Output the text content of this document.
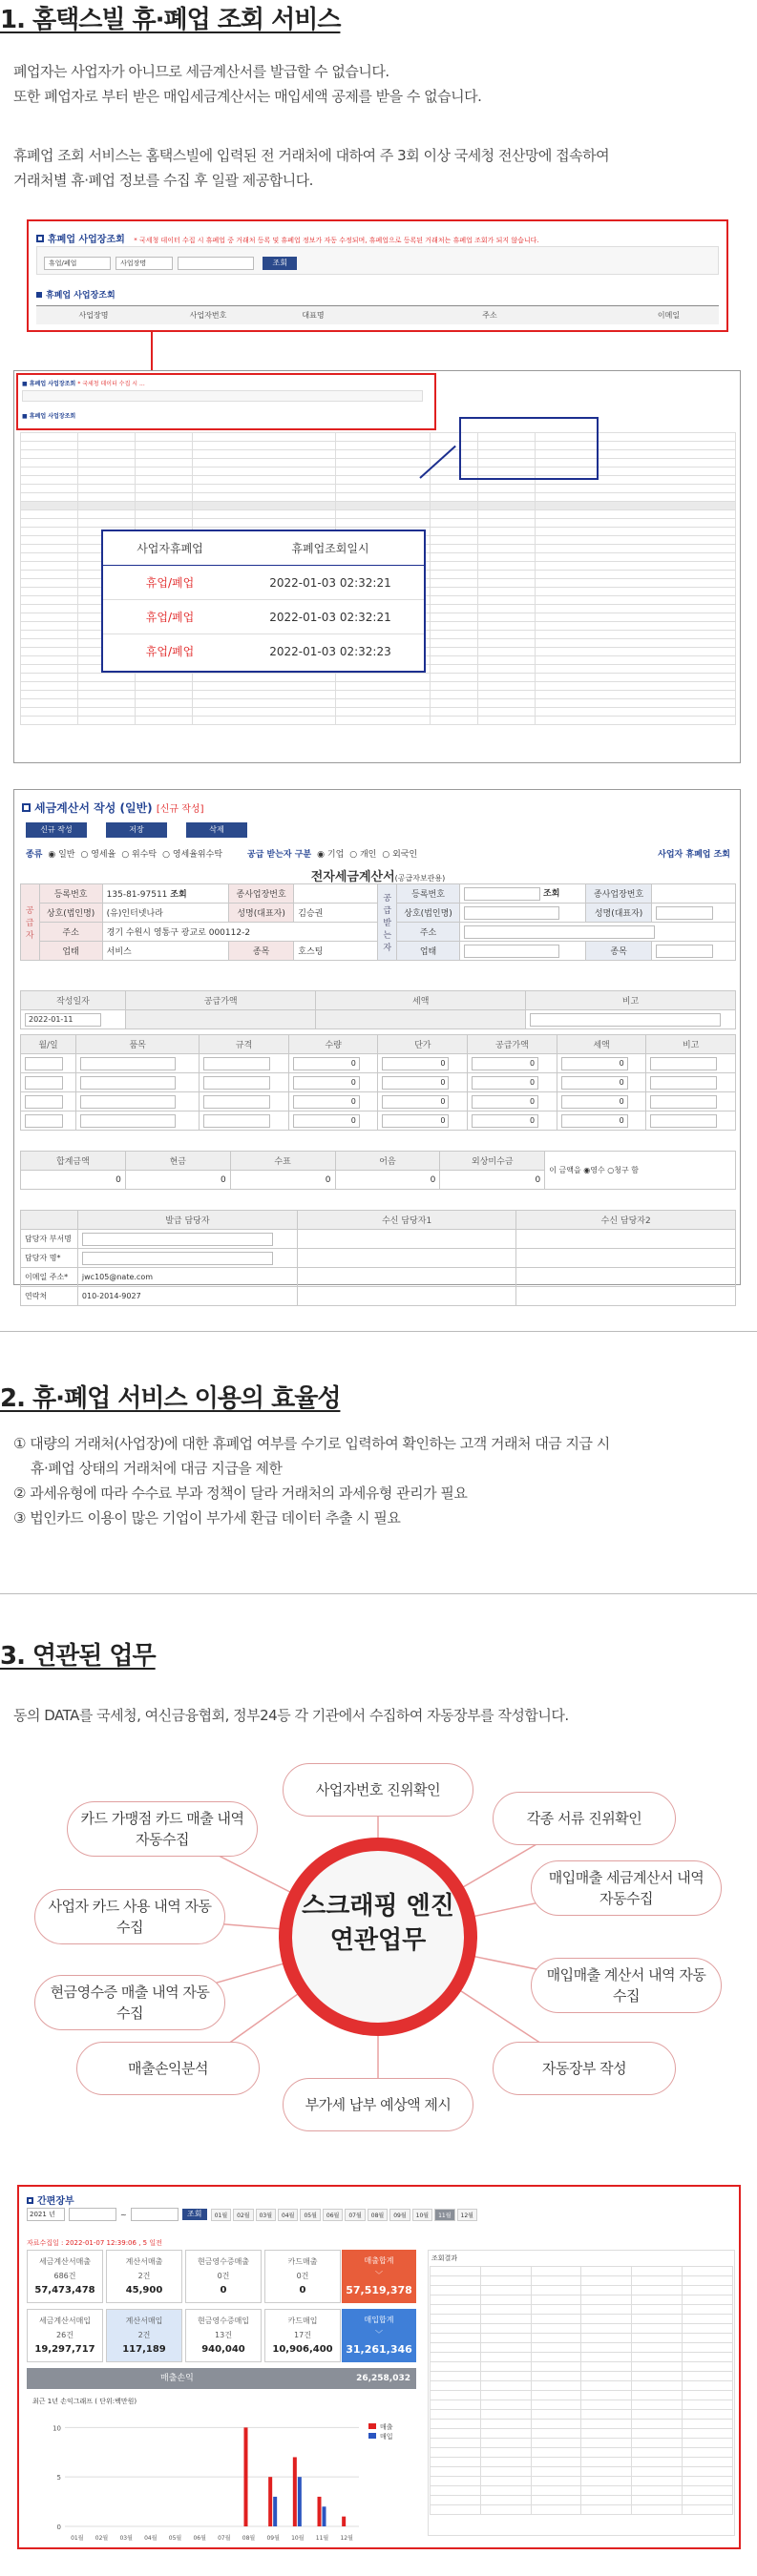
1. 홈택스빌 휴·폐업 조회 서비스
폐업자는 사업자가 아니므로 세금계산서를 발급할 수 없습니다.
또한 폐업자로 부터 받은 매입세금계산서는 매입세액 공제를 받을 수 없습니다.
휴폐업 조회 서비스는 홈택스빌에 입력된 전 거래처에 대하여 주 3회 이상 국세청 전산망에 접속하여
거래처별 휴·폐업 정보를 수집 후 일괄 제공합니다.
휴폐업 사업장조회 * 국세청 데이터 수집 시 휴폐업 중 거래처 등록 및 휴폐업 정보가 자동 수정되며, 휴폐업으로 등록된 거래처는 휴폐업 조회가 되지 않습니다.
휴업/폐업	사업장명	조회
휴폐업 사업장조회
사업장명	사업자번호	대표명	주소	이메일
■ 휴폐업 사업장조회 * 국세청 데이터 수집 시 ...
■ 휴폐업 사업장조회

사업자휴폐업	휴폐업조회일시
휴업/폐업	2022-01-03 02:32:21
휴업/폐업	2022-01-03 02:32:21
휴업/폐업	2022-01-03 02:32:23
세금계산서 작성 (일반) [신규 작성]
신규 작성	저장	삭제
종류 ◉ 일반 ○ 영세율 ○ 위수탁 ○ 영세율위수탁	공급 받는자 구분 ◉ 기업 ○ 개인 ○ 외국인	사업자 휴폐업 조회
전자세금계산서(공급자보관용)
공급자	등록번호	135-81-97511 조회	종사업장번호		공급받는자	등록번호	조회	종사업장번호	
	상호(법인명)	(유)인터넷나라	성명(대표자)	김승권		상호(법인명)		성명(대표자)	
	주소	경기 수원시 영통구 광교로 000112-2				주소			
	업태	서비스	종목	호스팅		업태		종목	
작성일자	공급가액	세액	비고
2022-01-11			
월/일	품목	규격	수량	단가	공급가액	세액	비고
			0	0	0	0	
			0	0	0	0	
			0	0	0	0	
			0	0	0	0	
합계금액	현금	수표	어음	외상미수금	이 금액을 ◉영수 ○청구 함
0	0	0	0	0	
	발급 담당자	수신 담당자1	수신 담당자2
담당자 부서명			
담당자 명*			
이메일 주소*	jwc105@nate.com		
연락처	010-2014-9027		
2. 휴·폐업 서비스 이용의 효율성
① 대량의 거래처(사업장)에 대한 휴폐업 여부를 수기로 입력하여 확인하는 고객 거래처 대금 지급 시
휴·폐업 상태의 거래처에 대금 지급을 제한
② 과세유형에 따라 수수료 부과 정책이 달라 거래처의 과세유형 관리가 필요
③ 법인카드 이용이 많은 기업이 부가세 환급 데이터 추출 시 필요
3. 연관된 업무
동의 DATA를 국세청, 여신금융협회, 정부24등 각 기관에서 수집하여 자동장부를 작성합니다.
스크래핑 엔진
연관업무
사업자번호 진위확인
각종 서류 진위확인
매입매출 세금계산서 내역 자동수집
매입매출 계산서 내역 자동수집
자동장부 작성
부가세 납부 예상액 제시
매출손익분석
현금영수증 매출 내역 자동수집
사업자 카드 사용 내역 자동수집
카드 가맹점 카드 매출 내역 자동수집
간편장부
2021 년	~	조회	01월	02월	03월	04월	05월	06월	07월	08월	09월	10월	11월	12월
자료수집일 : 2022-01-07 12:39:06 , 5 일전
세금계산서매출
686건
57,473,478
계산서매출
2건
45,900
현금영수증매출
0건
0
카드매출
0건
0
매출합계
﹀
57,519,378
세금계산서매입
26건
19,297,717
계산서매입
2건
117,189
현금영수증매입
13건
940,040
카드매입
17건
10,906,400
매입합계
﹀
31,261,346
매출손익	26,258,032
최근 1년 손익그래프 ( 단위:백만원)
10
5
0
01월 02월 03월 04월 05월 06월 07월 08월 09월 10월 11월 12월
매출
매입
조회결과
